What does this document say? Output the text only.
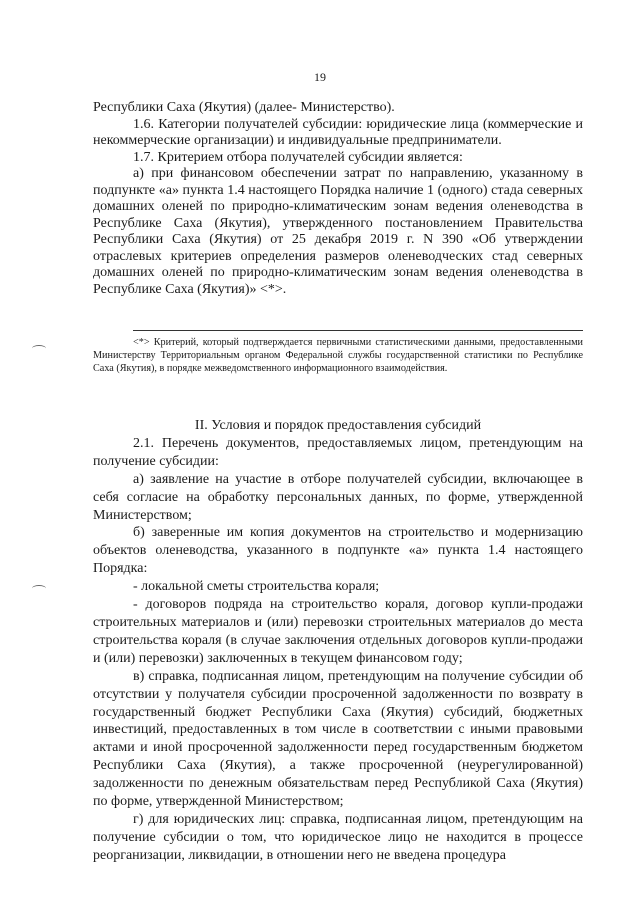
19

Республики Саха (Якутия) (далее- Министерство).

1.6. Категории получателей субсидии: юридические лица (коммерческие и некоммерческие организации) и индивидуальные предприниматели.

1.7. Критерием отбора получателей субсидии является:

а) при финансовом обеспечении затрат по направлению, указанному в подпункте «а» пункта 1.4 настоящего Порядка наличие 1 (одного) стада северных домашних оленей по природно-климатическим зонам ведения оленеводства в Республике Саха (Якутия), утвержденного постановлением Правительства Республики Саха (Якутия) от 25 декабря 2019 г. N 390 «Об утверждении отраслевых критериев определения размеров оленеводческих стад северных домашних оленей по природно-климатическим зонам ведения оленеводства в Республике Саха (Якутия)» <*>.

<*> Критерий, который подтверждается первичными статистическими данными, предоставленными Министерству Территориальным органом Федеральной службы государственной статистики по Республике Саха (Якутия), в порядке межведомственного информационного взаимодействия.

II. Условия и порядок предоставления субсидий

2.1. Перечень документов, предоставляемых лицом, претендующим на получение субсидии:

а) заявление на участие в отборе получателей субсидии, включающее в себя согласие на обработку персональных данных, по форме, утвержденной Министерством;

б) заверенные им копия документов на строительство и модернизацию объектов оленеводства, указанного в подпункте «а» пункта 1.4 настоящего Порядка:

- локальной сметы строительства кораля;

- договоров подряда на строительство кораля, договор купли-продажи строительных материалов и (или) перевозки строительных материалов до места строительства кораля (в случае заключения отдельных договоров купли-продажи и (или) перевозки) заключенных в текущем финансовом году;

в) справка, подписанная лицом, претендующим на получение субсидии об отсутствии у получателя субсидии просроченной задолженности по возврату в государственный бюджет Республики Саха (Якутия) субсидий, бюджетных инвестиций, предоставленных в том числе в соответствии с иными правовыми актами и иной просроченной задолженности перед государственным бюджетом Республики Саха (Якутия), а также просроченной (неурегулированной) задолженности по денежным обязательствам перед Республикой Саха (Якутия) по форме, утвержденной Министерством;

г) для юридических лиц: справка, подписанная лицом, претендующим на получение субсидии о том, что юридическое лицо не находится в процессе реорганизации, ликвидации, в отношении него не введена процедура
